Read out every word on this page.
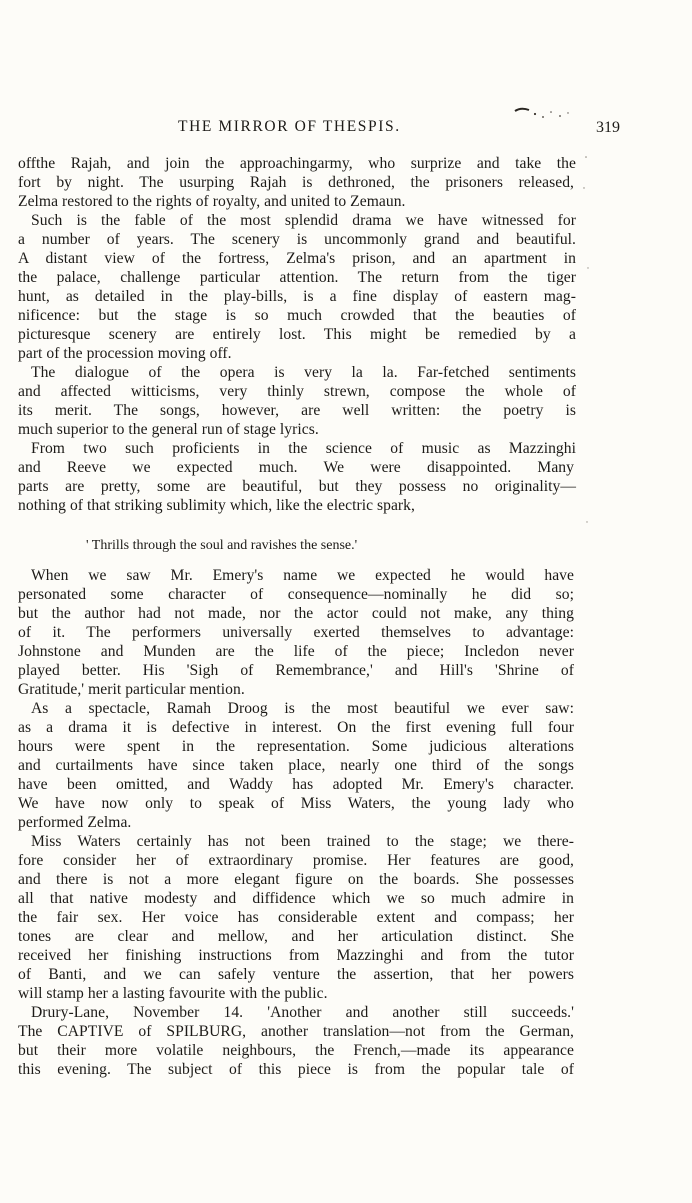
THE MIRROR OF THESPIS.	319
offthe Rajah, and join the approachingarmy, who surprize and take the
fort by night. The usurping Rajah is dethroned, the prisoners released,
Zelma restored to the rights of royalty, and united to Zemaun.
Such is the fable of the most splendid drama we have witnessed for
a number of years. The scenery is uncommonly grand and beautiful.
A distant view of the fortress, Zelma's prison, and an apartment in
the palace, challenge particular attention. The return from the tiger
hunt, as detailed in the play-bills, is a fine display of eastern mag-
nificence: but the stage is so much crowded that the beauties of
picturesque scenery are entirely lost. This might be remedied by a
part of the procession moving off.
The dialogue of the opera is very la la. Far-fetched sentiments
and affected witticisms, very thinly strewn, compose the whole of
its merit. The songs, however, are well written: the poetry is
much superior to the general run of stage lyrics.
From two such proficients in the science of music as Mazzinghi
and Reeve we expected much. We were disappointed. Many
parts are pretty, some are beautiful, but they possess no originality—
nothing of that striking sublimity which, like the electric spark,
' Thrills through the soul and ravishes the sense.'
When we saw Mr. Emery's name we expected he would have
personated some character of consequence—nominally he did so;
but the author had not made, nor the actor could not make, any thing
of it. The performers universally exerted themselves to advantage:
Johnstone and Munden are the life of the piece; Incledon never
played better. His 'Sigh of Remembrance,' and Hill's 'Shrine of
Gratitude,' merit particular mention.
As a spectacle, Ramah Droog is the most beautiful we ever saw:
as a drama it is defective in interest. On the first evening full four
hours were spent in the representation. Some judicious alterations
and curtailments have since taken place, nearly one third of the songs
have been omitted, and Waddy has adopted Mr. Emery's character.
We have now only to speak of Miss Waters, the young lady who
performed Zelma.
Miss Waters certainly has not been trained to the stage; we there-
fore consider her of extraordinary promise. Her features are good,
and there is not a more elegant figure on the boards. She possesses
all that native modesty and diffidence which we so much admire in
the fair sex. Her voice has considerable extent and compass; her
tones are clear and mellow, and her articulation distinct. She
received her finishing instructions from Mazzinghi and from the tutor
of Banti, and we can safely venture the assertion, that her powers
will stamp her a lasting favourite with the public.
Drury-Lane, November 14. 'Another and another still succeeds.'
The CAPTIVE of SPILBURG, another translation—not from the German,
but their more volatile neighbours, the French,—made its appearance
this evening. The subject of this piece is from the popular tale of
